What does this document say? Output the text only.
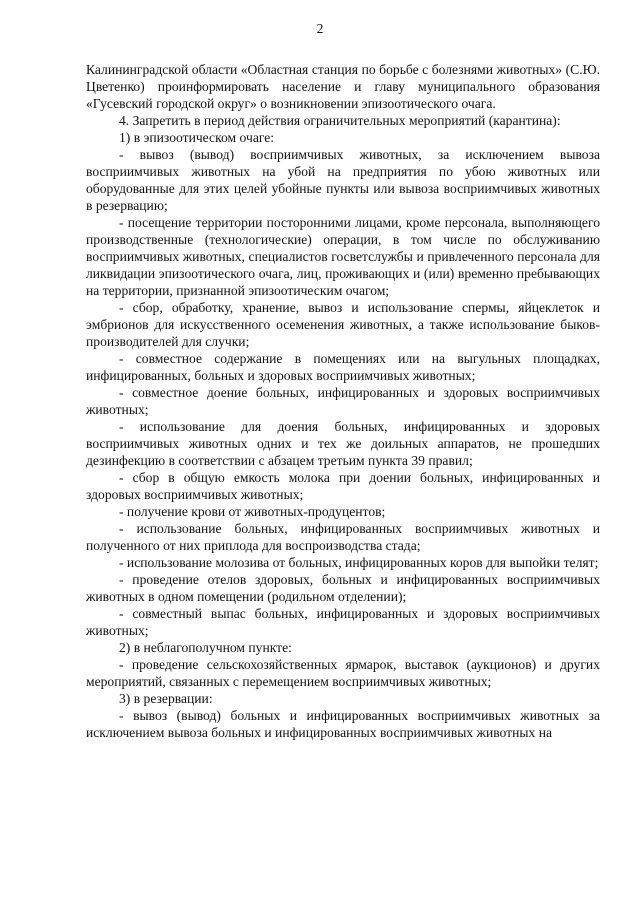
2

Калининградской области «Областная станция по борьбе с болезнями животных» (С.Ю. Цветенко) проинформировать население и главу муниципального образования «Гусевский городской округ» о возникновении эпизоотического очага.

4. Запретить в период действия ограничительных мероприятий (карантина):

1) в эпизоотическом очаге:

- вывоз (вывод) восприимчивых животных, за исключением вывоза восприимчивых животных на убой на предприятия по убою животных или оборудованные для этих целей убойные пункты или вывоза восприимчивых животных в резервацию;

- посещение территории посторонними лицами, кроме персонала, выполняющего производственные (технологические) операции, в том числе по обслуживанию восприимчивых животных, специалистов госветслужбы и привлеченного персонала для ликвидации эпизоотического очага, лиц, проживающих и (или) временно пребывающих на территории, признанной эпизоотическим очагом;

- сбор, обработку, хранение, вывоз и использование спермы, яйцеклеток и эмбрионов для искусственного осеменения животных, а также использование быков-производителей для случки;

- совместное содержание в помещениях или на выгульных площадках, инфицированных, больных и здоровых восприимчивых животных;

- совместное доение больных, инфицированных и здоровых восприимчивых животных;

- использование для доения больных, инфицированных и здоровых восприимчивых животных одних и тех же доильных аппаратов, не прошедших дезинфекцию в соответствии с абзацем третьим пункта 39 правил;

- сбор в общую емкость молока при доении больных, инфицированных и здоровых восприимчивых животных;

- получение крови от животных-продуцентов;

- использование больных, инфицированных восприимчивых животных и полученного от них приплода для воспроизводства стада;

- использование молозива от больных, инфицированных коров для выпойки телят;

- проведение отелов здоровых, больных и инфицированных восприимчивых животных в одном помещении (родильном отделении);

- совместный выпас больных, инфицированных и здоровых восприимчивых животных;

2) в неблагополучном пункте:

- проведение сельскохозяйственных ярмарок, выставок (аукционов) и других мероприятий, связанных с перемещением восприимчивых животных;

3) в резервации:

- вывоз (вывод) больных и инфицированных восприимчивых животных за исключением вывоза больных и инфицированных восприимчивых животных на
